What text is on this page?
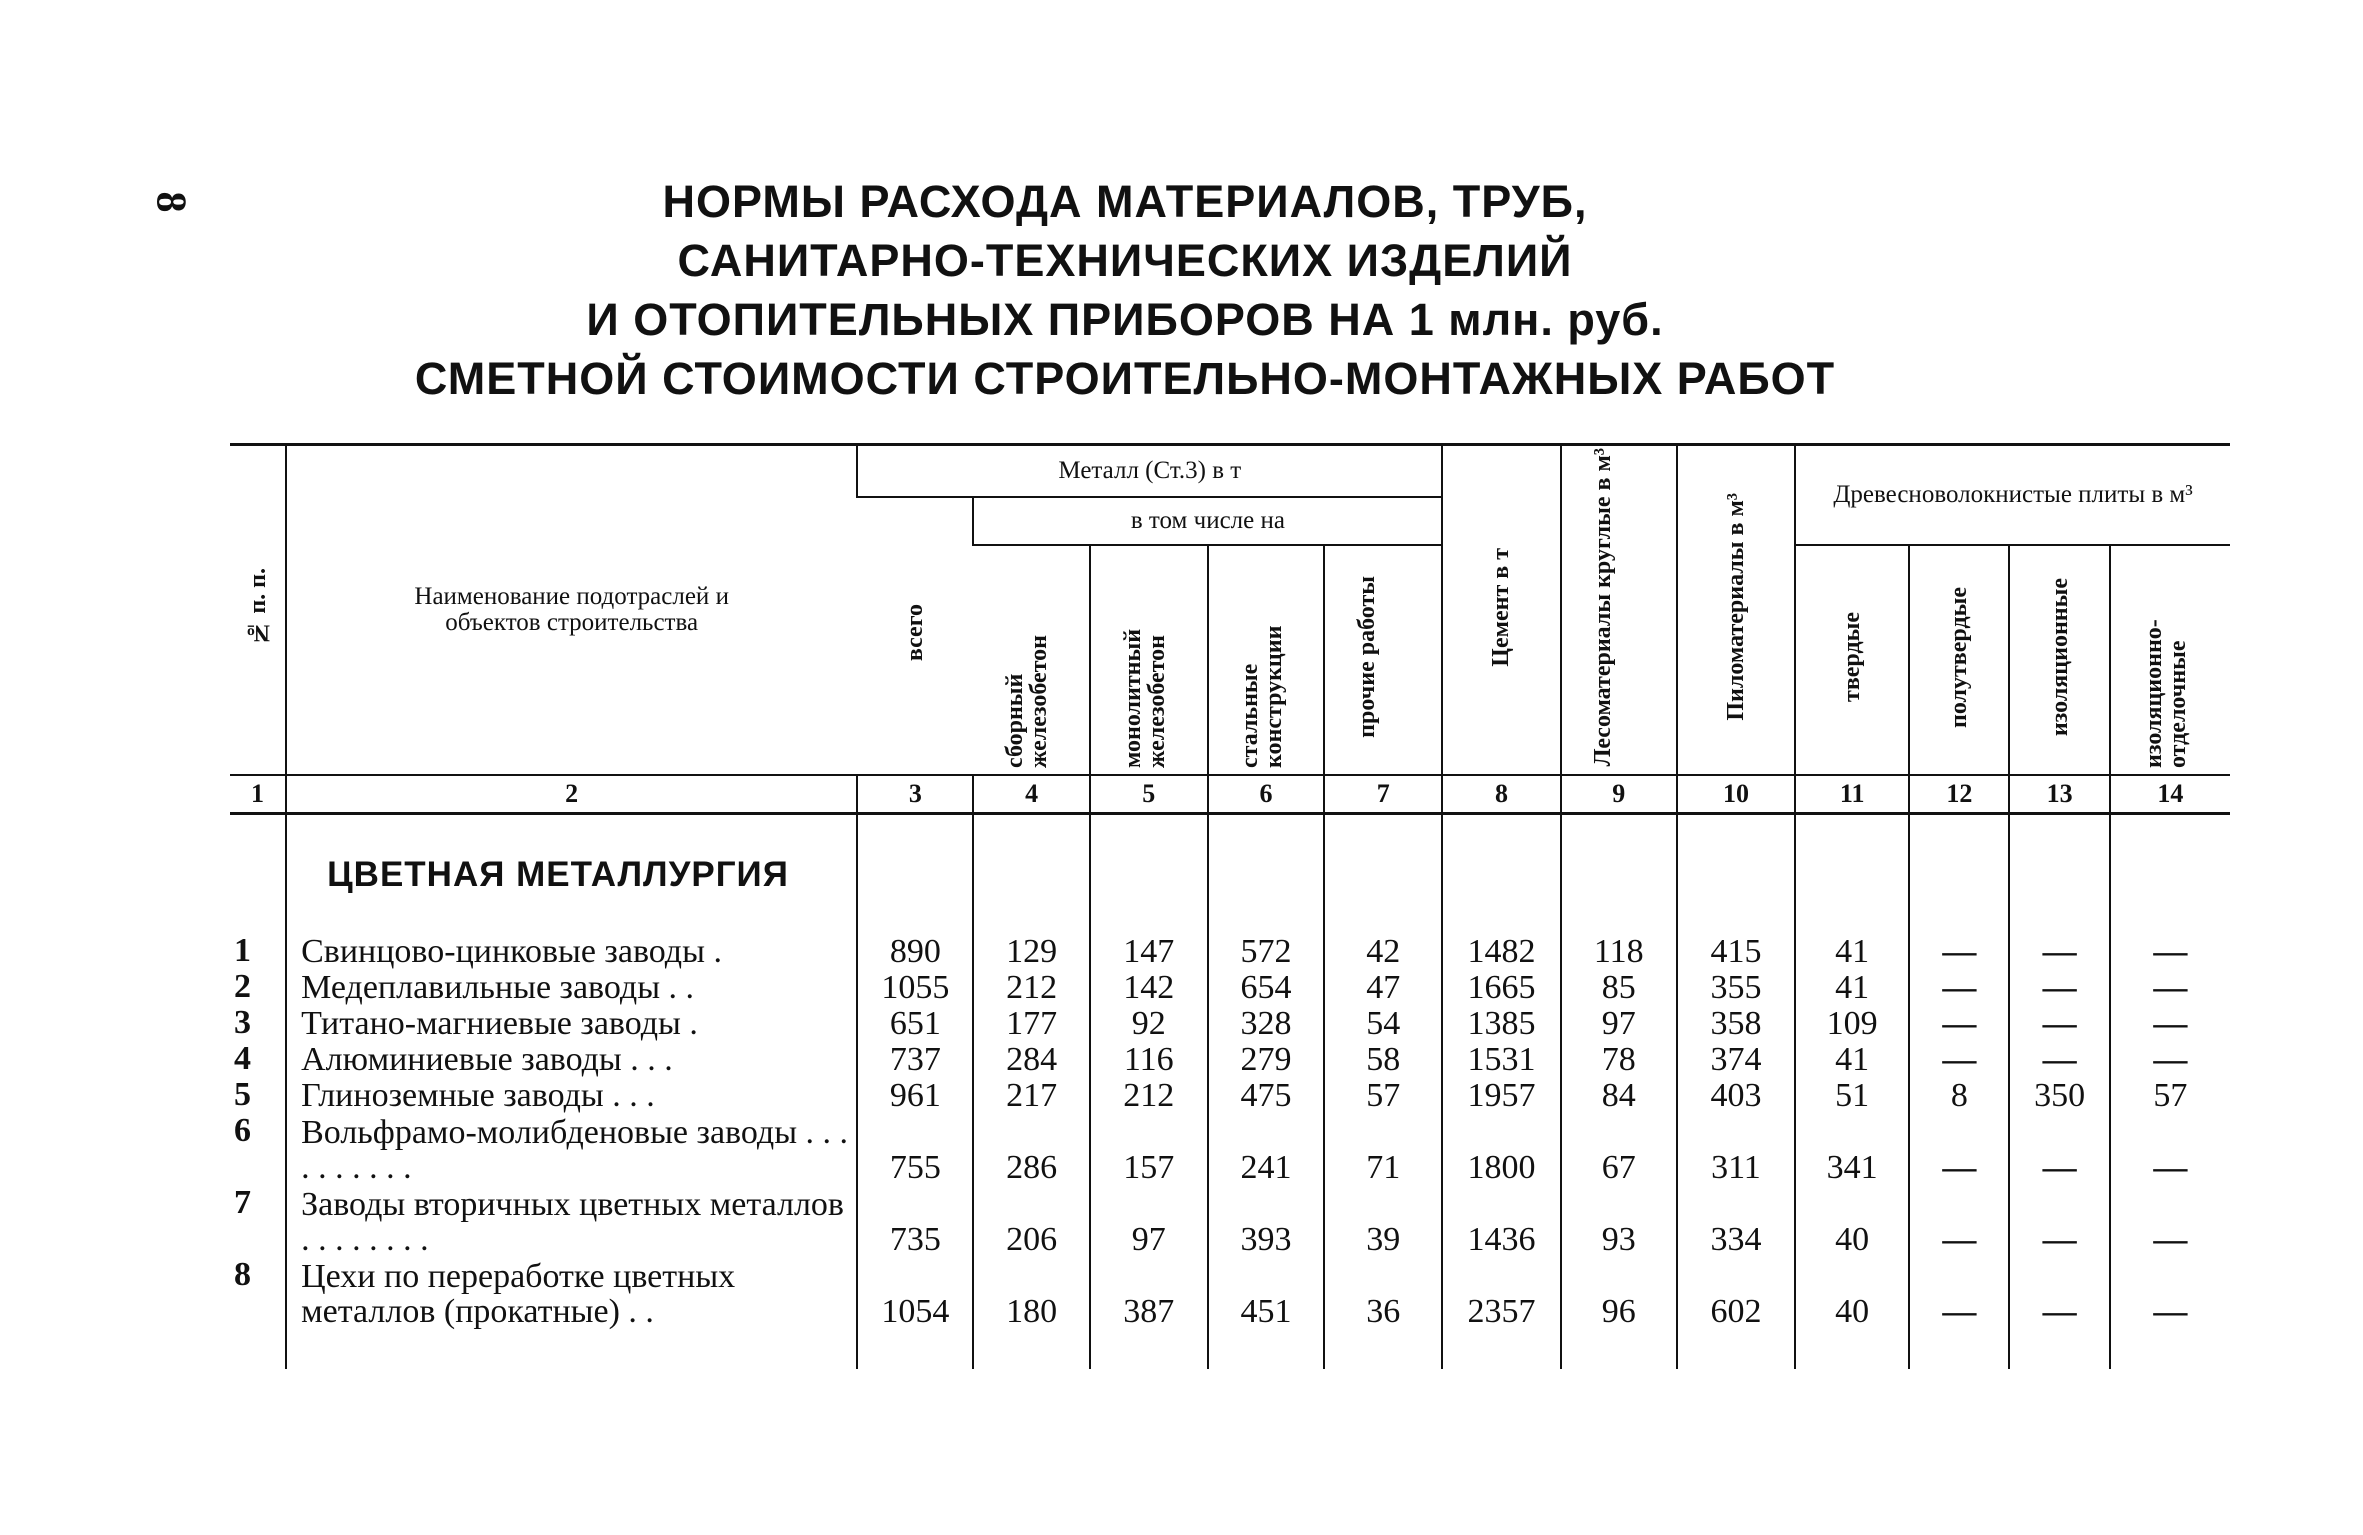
8	НОРМЫ РАСХОДА МАТЕРИАЛОВ, ТРУБ,
САНИТАРНО-ТЕХНИЧЕСКИХ ИЗДЕЛИЙ
И ОТОПИТЕЛЬНЫХ ПРИБОРОВ НА 1 млн. руб.
СМЕТНОЙ СТОИМОСТИ СТРОИТЕЛЬНО-МОНТАЖНЫХ РАБОТ
№ п. п.	Наименование подотраслей и объектов строительства	Металл (Ст.3) в т					Цемент в т	Лесоматериалы круглые в м³	Пиломатериалы в м³	Древесноволокнистые плиты в м³			
		всего	в том числе на										
			сборный железобетон	монолитный железобетон	стальные конструкции	прочие работы				твердые	полутвердые	изоляционные	изоляционно-отделочные
1	2	3	4	5	6	7	8	9	10	11	12	13	14
	ЦВЕТНАЯ МЕТАЛЛУРГИЯ												
1	Свинцово-цинковые заводы .	890	129	147	572	42	1482	118	415	41	—	—	—
2	Медеплавильные заводы . .	1055	212	142	654	47	1665	85	355	41	—	—	—
3	Титано-магниевые заводы .	651	177	92	328	54	1385	97	358	109	—	—	—
4	Алюминиевые заводы . . .	737	284	116	279	58	1531	78	374	41	—	—	—
5	Глиноземные заводы . . .	961	217	212	475	57	1957	84	403	51	8	350	57
6	Вольфрамо-молибденовые заводы . . . . . . . . . .	755	286	157	241	71	1800	67	311	341	—	—	—
7	Заводы вторичных цветных металлов . . . . . . . .	735	206	97	393	39	1436	93	334	40	—	—	—
8	Цехи по переработке цветных металлов (прокатные) . .	1054	180	387	451	36	2357	96	602	40	—	—	—
